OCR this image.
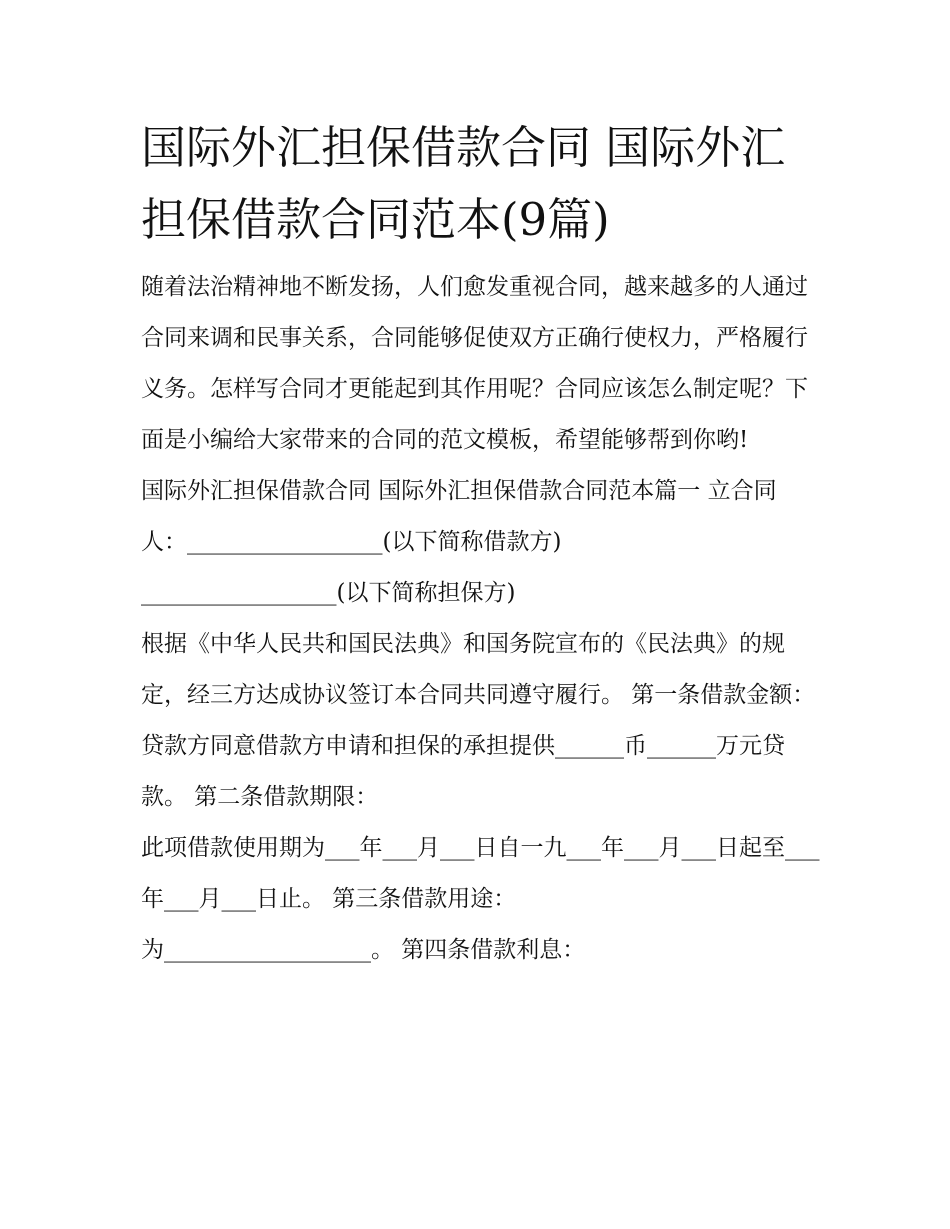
国际外汇担保借款合同 国际外汇担保借款合同范本(9篇)

随着法治精神地不断发扬，人们愈发重视合同，越来越多的人通过合同来调和民事关系，合同能够促使双方正确行使权力，严格履行义务。怎样写合同才更能起到其作用呢？合同应该怎么制定呢？下面是小编给大家带来的合同的范文模板，希望能够帮到你哟!

国际外汇担保借款合同 国际外汇担保借款合同范本篇一 立合同人：_________________(以下简称借款方)

_________________(以下简称担保方)

根据《中华人民共和国民法典》和国务院宣布的《民法典》的规定，经三方达成协议签订本合同共同遵守履行。 第一条借款金额：

贷款方同意借款方申请和担保的承担提供______币______万元贷款。 第二条借款期限：

此项借款使用期为___年___月___日自一九___年___月___日起至___年___月___日止。 第三条借款用途：

为__________________。 第四条借款利息：
